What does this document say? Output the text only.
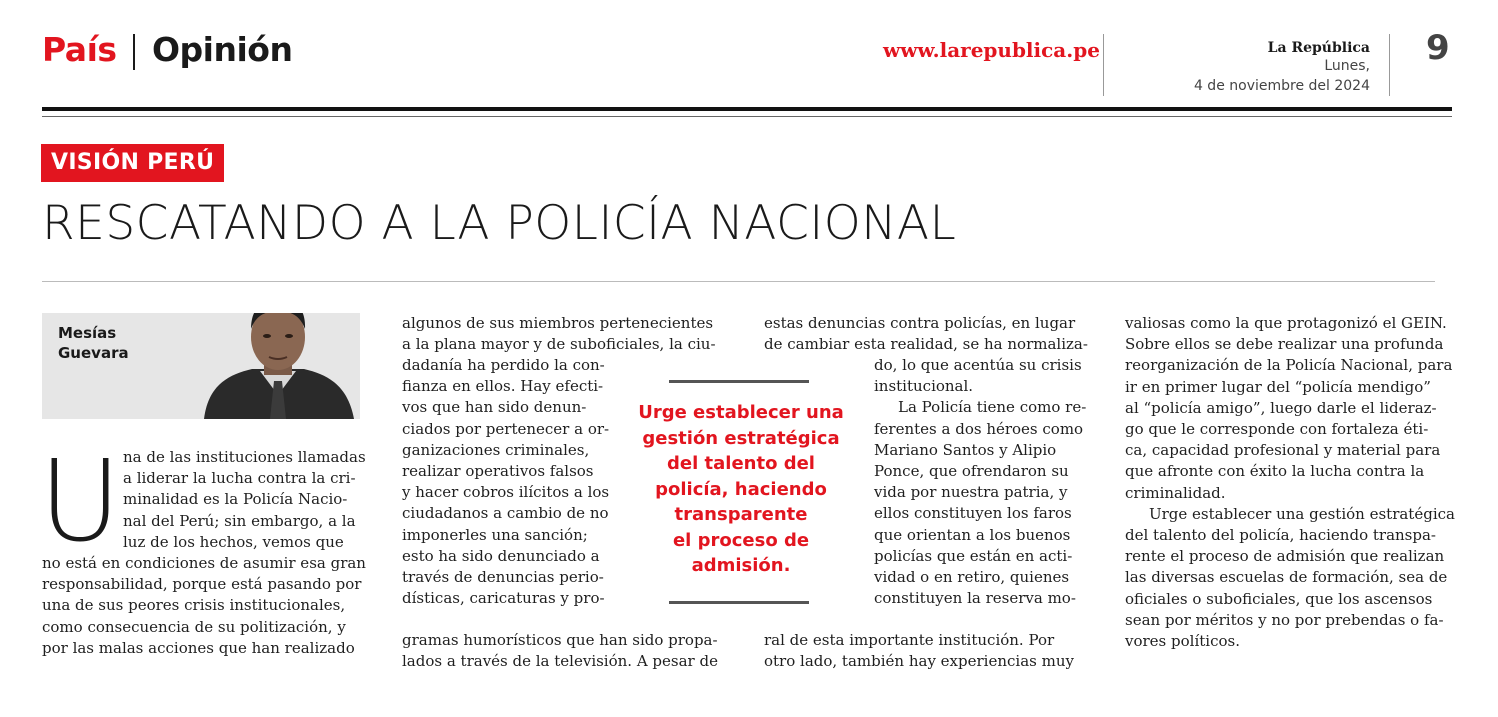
País Opinión	www.larepublica.pe	La República
Lunes,
4 de noviembre del 2024
9
VISIÓN PERÚ
RESCATANDO A LA POLICÍA NACIONAL
Mesías
Guevara
U na de las instituciones llamadas
a liderar la lucha contra la cri-
minalidad es la Policía Nacio-
nal del Perú; sin embargo, a la
luz de los hechos, vemos que
no está en condiciones de asumir esa gran
responsabilidad, porque está pasando por
una de sus peores crisis institucionales,
como consecuencia de su politización, y
por las malas acciones que han realizado
algunos de sus miembros pertenecientes
a la plana mayor y de suboficiales, la ciu-
dadanía ha perdido la con-
fianza en ellos. Hay efecti-
vos que han sido denun-
ciados por pertenecer a or-
ganizaciones criminales,
realizar operativos falsos
y hacer cobros ilícitos a los
ciudadanos a cambio de no
imponerles una sanción;
esto ha sido denunciado a
través de denuncias perio-
dísticas, caricaturas y pro-
gramas humorísticos que han sido propa-
lados a través de la televisión. A pesar de
Urge establecer una
gestión estratégica
del talento del
policía, haciendo
transparente
el proceso de
admisión.
estas denuncias contra policías, en lugar
de cambiar esta realidad, se ha normaliza-
do, lo que acentúa su crisis
institucional.
La Policía tiene como re-
ferentes a dos héroes como
Mariano Santos y Alipio
Ponce, que ofrendaron su
vida por nuestra patria, y
ellos constituyen los faros
que orientan a los buenos
policías que están en acti-
vidad o en retiro, quienes
constituyen la reserva mo-
ral de esta importante institución. Por
otro lado, también hay experiencias muy
valiosas como la que protagonizó el GEIN.
Sobre ellos se debe realizar una profunda
reorganización de la Policía Nacional, para
ir en primer lugar del “policía mendigo”
al “policía amigo”, luego darle el lideraz-
go que le corresponde con fortaleza éti-
ca, capacidad profesional y material para
que afronte con éxito la lucha contra la
criminalidad.
Urge establecer una gestión estratégica
del talento del policía, haciendo transpa-
rente el proceso de admisión que realizan
las diversas escuelas de formación, sea de
oficiales o suboficiales, que los ascensos
sean por méritos y no por prebendas o fa-
vores políticos.
